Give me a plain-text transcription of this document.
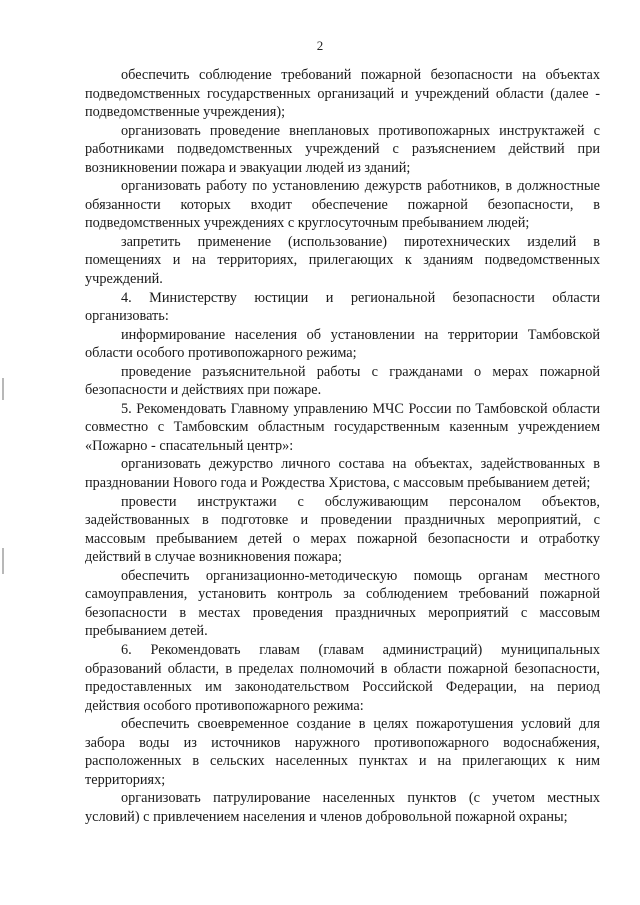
2

обеспечить соблюдение требований пожарной безопасности на объектах подведомственных государственных организаций и учреждений области (далее - подведомственные учреждения);

организовать проведение внеплановых противопожарных инструктажей с работниками подведомственных учреждений с разъяснением действий при возникновении пожара и эвакуации людей из зданий;

организовать работу по установлению дежурств работников, в должностные обязанности которых входит обеспечение пожарной безопасности, в подведомственных учреждениях с круглосуточным пребыванием людей;

запретить применение (использование) пиротехнических изделий в помещениях и на территориях, прилегающих к зданиям подведомственных учреждений.

4. Министерству юстиции и региональной безопасности области организовать:

информирование населения об установлении на территории Тамбовской области особого противопожарного режима;

проведение разъяснительной работы с гражданами о мерах пожарной безопасности и действиях при пожаре.

5. Рекомендовать Главному управлению МЧС России по Тамбовской области совместно с Тамбовским областным государственным казенным учреждением «Пожарно - спасательный центр»:

организовать дежурство личного состава на объектах, задействованных в праздновании Нового года и Рождества Христова, с массовым пребыванием детей;

провести инструктажи с обслуживающим персоналом объектов, задействованных в подготовке и проведении праздничных мероприятий, с массовым пребыванием детей о мерах пожарной безопасности и отработку действий в случае возникновения пожара;

обеспечить организационно-методическую помощь органам местного самоуправления, установить контроль за соблюдением требований пожарной безопасности в местах проведения праздничных мероприятий с массовым пребыванием детей.

6. Рекомендовать главам (главам администраций) муниципальных образований области, в пределах полномочий в области пожарной безопасности, предоставленных им законодательством Российской Федерации, на период действия особого противопожарного режима:

обеспечить своевременное создание в целях пожаротушения условий для забора воды из источников наружного противопожарного водоснабжения, расположенных в сельских населенных пунктах и на прилегающих к ним территориях;

организовать патрулирование населенных пунктов (с учетом местных условий) с привлечением населения и членов добровольной пожарной охраны;
